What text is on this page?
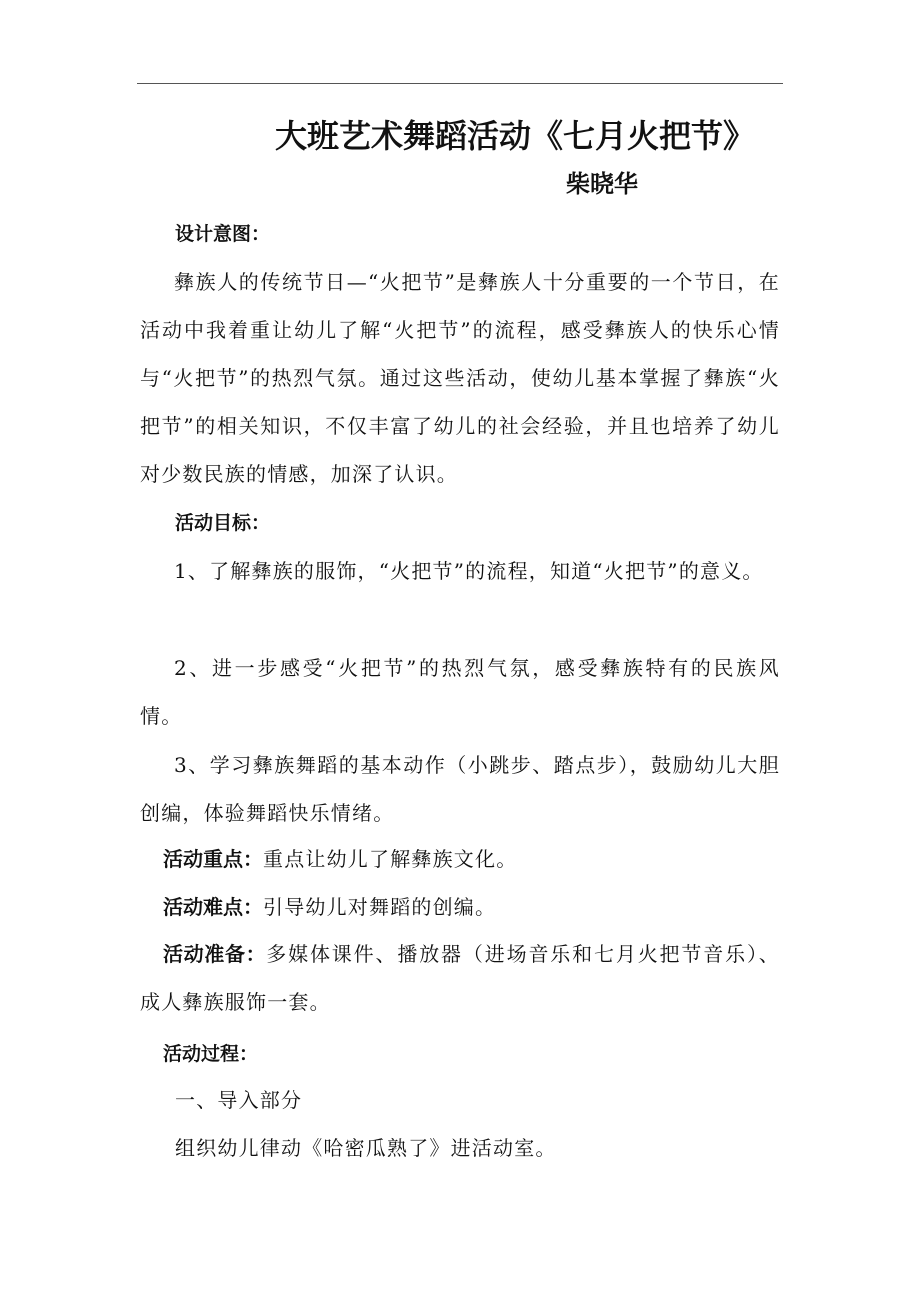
大班艺术舞蹈活动《七月火把节》
柴晓华
设计意图：
彝族人的传统节日—“火把节”是彝族人十分重要的一个节日，在活动中我着重让幼儿了解“火把节”的流程，感受彝族人的快乐心情与“火把节”的热烈气氛。通过这些活动，使幼儿基本掌握了彝族“火把节”的相关知识，不仅丰富了幼儿的社会经验，并且也培养了幼儿对少数民族的情感，加深了认识。
活动目标：
1、了解彝族的服饰，“火把节”的流程，知道“火把节”的意义。
2、进一步感受“火把节”的热烈气氛，感受彝族特有的民族风情。
3、学习彝族舞蹈的基本动作（小跳步、踏点步），鼓励幼儿大胆创编，体验舞蹈快乐情绪。
活动重点：重点让幼儿了解彝族文化。
活动难点：引导幼儿对舞蹈的创编。
活动准备：多媒体课件、播放器（进场音乐和七月火把节音乐）、成人彝族服饰一套。
活动过程：
一、导入部分
组织幼儿律动《哈密瓜熟了》进活动室。
